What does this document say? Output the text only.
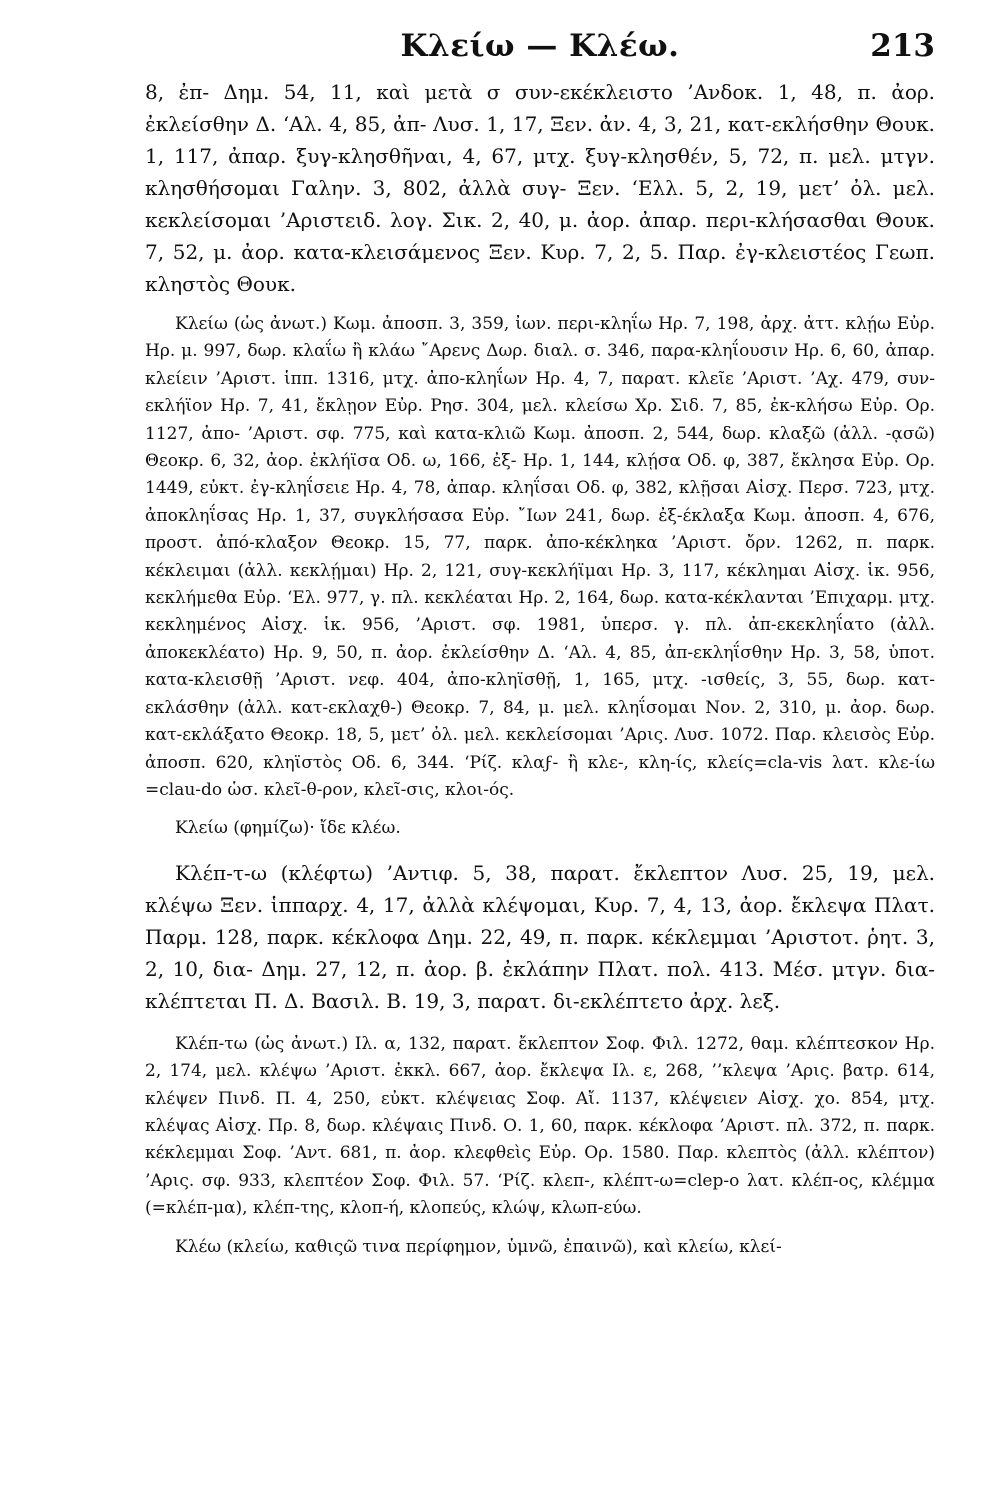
Κλείω — Κλέω.	213

8, ἐπ- Δημ. 54, 11, καὶ μετὰ σ συν-εκέκλειστο ’Ανδοκ. 1, 48, π. ἀορ. ἐκλείσθην Δ. ‘Αλ. 4, 85, ἀπ- Λυσ. 1, 17, Ξεν. ἀν. 4, 3, 21, κατ-εκλήσθην Θουκ. 1, 117, ἀπαρ. ξυγ-κλησθῆναι, 4, 67, μτχ. ξυγ-κλησθέν, 5, 72, π. μελ. μτγν. κλησθήσομαι Γαλην. 3, 802, ἀλλὰ συγ- Ξεν. ‘Ελλ. 5, 2, 19, μετ’ ὀλ. μελ. κεκλείσομαι ’Αριστειδ. λογ. Σικ. 2, 40, μ. ἀορ. ἀπαρ. περι-κλήσασθαι Θουκ. 7, 52, μ. ἀορ. κατα-κλεισάμενος Ξεν. Κυρ. 7, 2, 5. Παρ. ἐγ-κλειστέος Γεωπ. κληστὸς Θουκ.

Κλείω (ὡς ἀνωτ.) Κωμ. ἀποσπ. 3, 359, ἰων. περι-κληΐω Ηρ. 7, 198, ἀρχ. ἀττ. κλῄω Εὐρ. Ηρ. μ. 997, δωρ. κλαΐω ἢ κλάω ῎Αρενς Δωρ. διαλ. σ. 346, παρα-κληΐουσιν Ηρ. 6, 60, ἀπαρ. κλείειν ’Αριστ. ἱππ. 1316, μτχ. ἀπο-κληΐων Ηρ. 4, 7, παρατ. κλεῖε ’Αριστ. ’Αχ. 479, συν-εκλήϊον Ηρ. 7, 41, ἔκλῃον Εὐρ. Ρησ. 304, μελ. κλείσω Χρ. Σιδ. 7, 85, ἐκ-κλήσω Εὐρ. Ορ. 1127, ἀπο- ’Αριστ. σφ. 775, καὶ κατα-κλιῶ Κωμ. ἀποσπ. 2, 544, δωρ. κλαξῶ (ἀλλ. -ᾳσῶ) Θεοκρ. 6, 32, ἀορ. ἐκλήϊσα Οδ. ω, 166, ἐξ- Ηρ. 1, 144, κλῄσα Οδ. φ, 387, ἔκλησα Εὐρ. Ορ. 1449, εὐκτ. ἐγ-κληΐσειε Ηρ. 4, 78, ἀπαρ. κληΐσαι Οδ. φ, 382, κλῇσαι Αἰσχ. Περσ. 723, μτχ. ἀποκληΐσας Ηρ. 1, 37, συγκλήσασα Εὐρ. ῎Ιων 241, δωρ. ἐξ-έκλαξα Κωμ. ἀποσπ. 4, 676, προστ. ἀπό-κλαξον Θεοκρ. 15, 77, παρκ. ἀπο-κέκληκα ’Αριστ. ὄρν. 1262, π. παρκ. κέκλειμαι (ἀλλ. κεκλῄμαι) Ηρ. 2, 121, συγ-κεκλήϊμαι Ηρ. 3, 117, κέκλημαι Αἰσχ. ἱκ. 956, κεκλήμεθα Εὐρ. ‘Ελ. 977, γ. πλ. κεκλέαται Ηρ. 2, 164, δωρ. κατα-κέκλανται ’Επιχαρμ. μτχ. κεκλημένος Αἰσχ. ἱκ. 956, ’Αριστ. σφ. 1981, ὑπερσ. γ. πλ. ἀπ-εκεκληΐατο (ἀλλ. ἀποκεκλέατο) Ηρ. 9, 50, π. ἀορ. ἐκλείσθην Δ. ‘Αλ. 4, 85, ἀπ-εκληΐσθην Ηρ. 3, 58, ὑποτ. κατα-κλεισθῇ ’Αριστ. νεφ. 404, ἀπο-κληϊσθῇ, 1, 165, μτχ. -ισθείς, 3, 55, δωρ. κατ-εκλάσθην (ἀλλ. κατ-εκλαχθ-) Θεοκρ. 7, 84, μ. μελ. κληΐσομαι Νον. 2, 310, μ. ἀορ. δωρ. κατ-εκλάξατο Θεοκρ. 18, 5, μετ’ ὀλ. μελ. κεκλείσομαι ’Αρις. Λυσ. 1072. Παρ. κλεισὸς Εὐρ. ἀποσπ. 620, κληϊστὸς Οδ. 6, 344. ‘Ρίζ. κλαϝ- ἢ κλε-, κλη-ίς, κλείς=cla-vis λατ. κλε-ίω =clau-do ὡσ. κλεῖ-θ-ρον, κλεῖ-σις, κλοι-ός.

Κλείω (φημίζω)· ἴδε κλέω.

Κλέπ-τ-ω (κλέφτω) ’Αντιφ. 5, 38, παρατ. ἔκλεπτον Λυσ. 25, 19, μελ. κλέψω Ξεν. ἱππαρχ. 4, 17, ἀλλὰ κλέψομαι, Κυρ. 7, 4, 13, ἀορ. ἔκλεψα Πλατ. Παρμ. 128, παρκ. κέκλοφα Δημ. 22, 49, π. παρκ. κέκλεμμαι ’Αριστοτ. ῥητ. 3, 2, 10, δια- Δημ. 27, 12, π. ἀορ. β. ἐκλάπην Πλατ. πολ. 413. Μέσ. μτγν. δια-κλέπτεται Π. Δ. Βασιλ. Β. 19, 3, παρατ. δι-εκλέπτετο ἀρχ. λεξ.

Κλέπ-τω (ὡς ἀνωτ.) Ιλ. α, 132, παρατ. ἔκλεπτον Σοφ. Φιλ. 1272, θαμ. κλέπτεσκον Ηρ. 2, 174, μελ. κλέψω ’Αριστ. ἐκκλ. 667, ἀορ. ἔκλεψα Ιλ. ε, 268, ’’κλεψα ’Αρις. βατρ. 614, κλέψεν Πινδ. Π. 4, 250, εὐκτ. κλέψειας Σοφ. Αἴ. 1137, κλέψειεν Αἰσχ. χο. 854, μτχ. κλέψας Αἰσχ. Πρ. 8, δωρ. κλέψαις Πινδ. Ο. 1, 60, παρκ. κέκλοφα ’Αριστ. πλ. 372, π. παρκ. κέκλεμμαι Σοφ. ’Αντ. 681, π. ἀορ. κλεφθεὶς Εὐρ. Ορ. 1580. Παρ. κλεπτὸς (ἀλλ. κλέπτον) ’Αρις. σφ. 933, κλεπτέον Σοφ. Φιλ. 57. ‘Ρίζ. κλεπ-, κλέπτ-ω=clep-o λατ. κλέπ-ος, κλέμμα (=κλέπ-μα), κλέπ-της, κλοπ-ή, κλοπεύς, κλώψ, κλωπ-εύω.

Κλέω (κλείω, καθιςῶ τινα περίφημον, ὑμνῶ, ἐπαινῶ), καὶ κλείω, κλεί-
